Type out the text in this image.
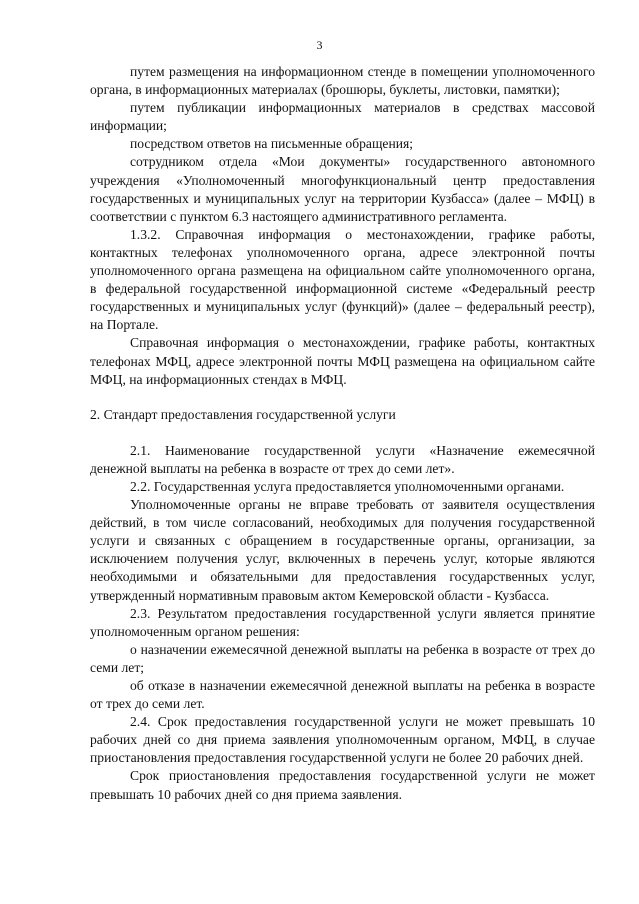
3

путем размещения на информационном стенде в помещении уполномоченного органа, в информационных материалах (брошюры, буклеты, листовки, памятки);

путем публикации информационных материалов в средствах массовой информации;

посредством ответов на письменные обращения;

сотрудником отдела «Мои документы» государственного автономного учреждения «Уполномоченный многофункциональный центр предоставления государственных и муниципальных услуг на территории Кузбасса» (далее – МФЦ) в соответствии с пунктом 6.3 настоящего административного регламента.

1.3.2. Справочная информация о местонахождении, графике работы, контактных телефонах уполномоченного органа, адресе электронной почты уполномоченного органа размещена на официальном сайте уполномоченного органа, в федеральной государственной информационной системе «Федеральный реестр государственных и муниципальных услуг (функций)» (далее – федеральный реестр), на Портале.

Справочная информация о местонахождении, графике работы, контактных телефонах МФЦ, адресе электронной почты МФЦ размещена на официальном сайте МФЦ, на информационных стендах в МФЦ.

2. Стандарт предоставления государственной услуги

2.1. Наименование государственной услуги «Назначение ежемесячной денежной выплаты на ребенка в возрасте от трех до семи лет».

2.2. Государственная услуга предоставляется уполномоченными органами.

Уполномоченные органы не вправе требовать от заявителя осуществления действий, в том числе согласований, необходимых для получения государственной услуги и связанных с обращением в государственные органы, организации, за исключением получения услуг, включенных в перечень услуг, которые являются необходимыми и обязательными для предоставления государственных услуг, утвержденный нормативным правовым актом Кемеровской области - Кузбасса.

2.3. Результатом предоставления государственной услуги является принятие уполномоченным органом решения:

о назначении ежемесячной денежной выплаты на ребенка в возрасте от трех до семи лет;

об отказе в назначении ежемесячной денежной выплаты на ребенка в возрасте от трех до семи лет.

2.4. Срок предоставления государственной услуги не может превышать 10 рабочих дней со дня приема заявления уполномоченным органом, МФЦ, в случае приостановления предоставления государственной услуги не более 20 рабочих дней.

Срок приостановления предоставления государственной услуги не может превышать 10 рабочих дней со дня приема заявления.
